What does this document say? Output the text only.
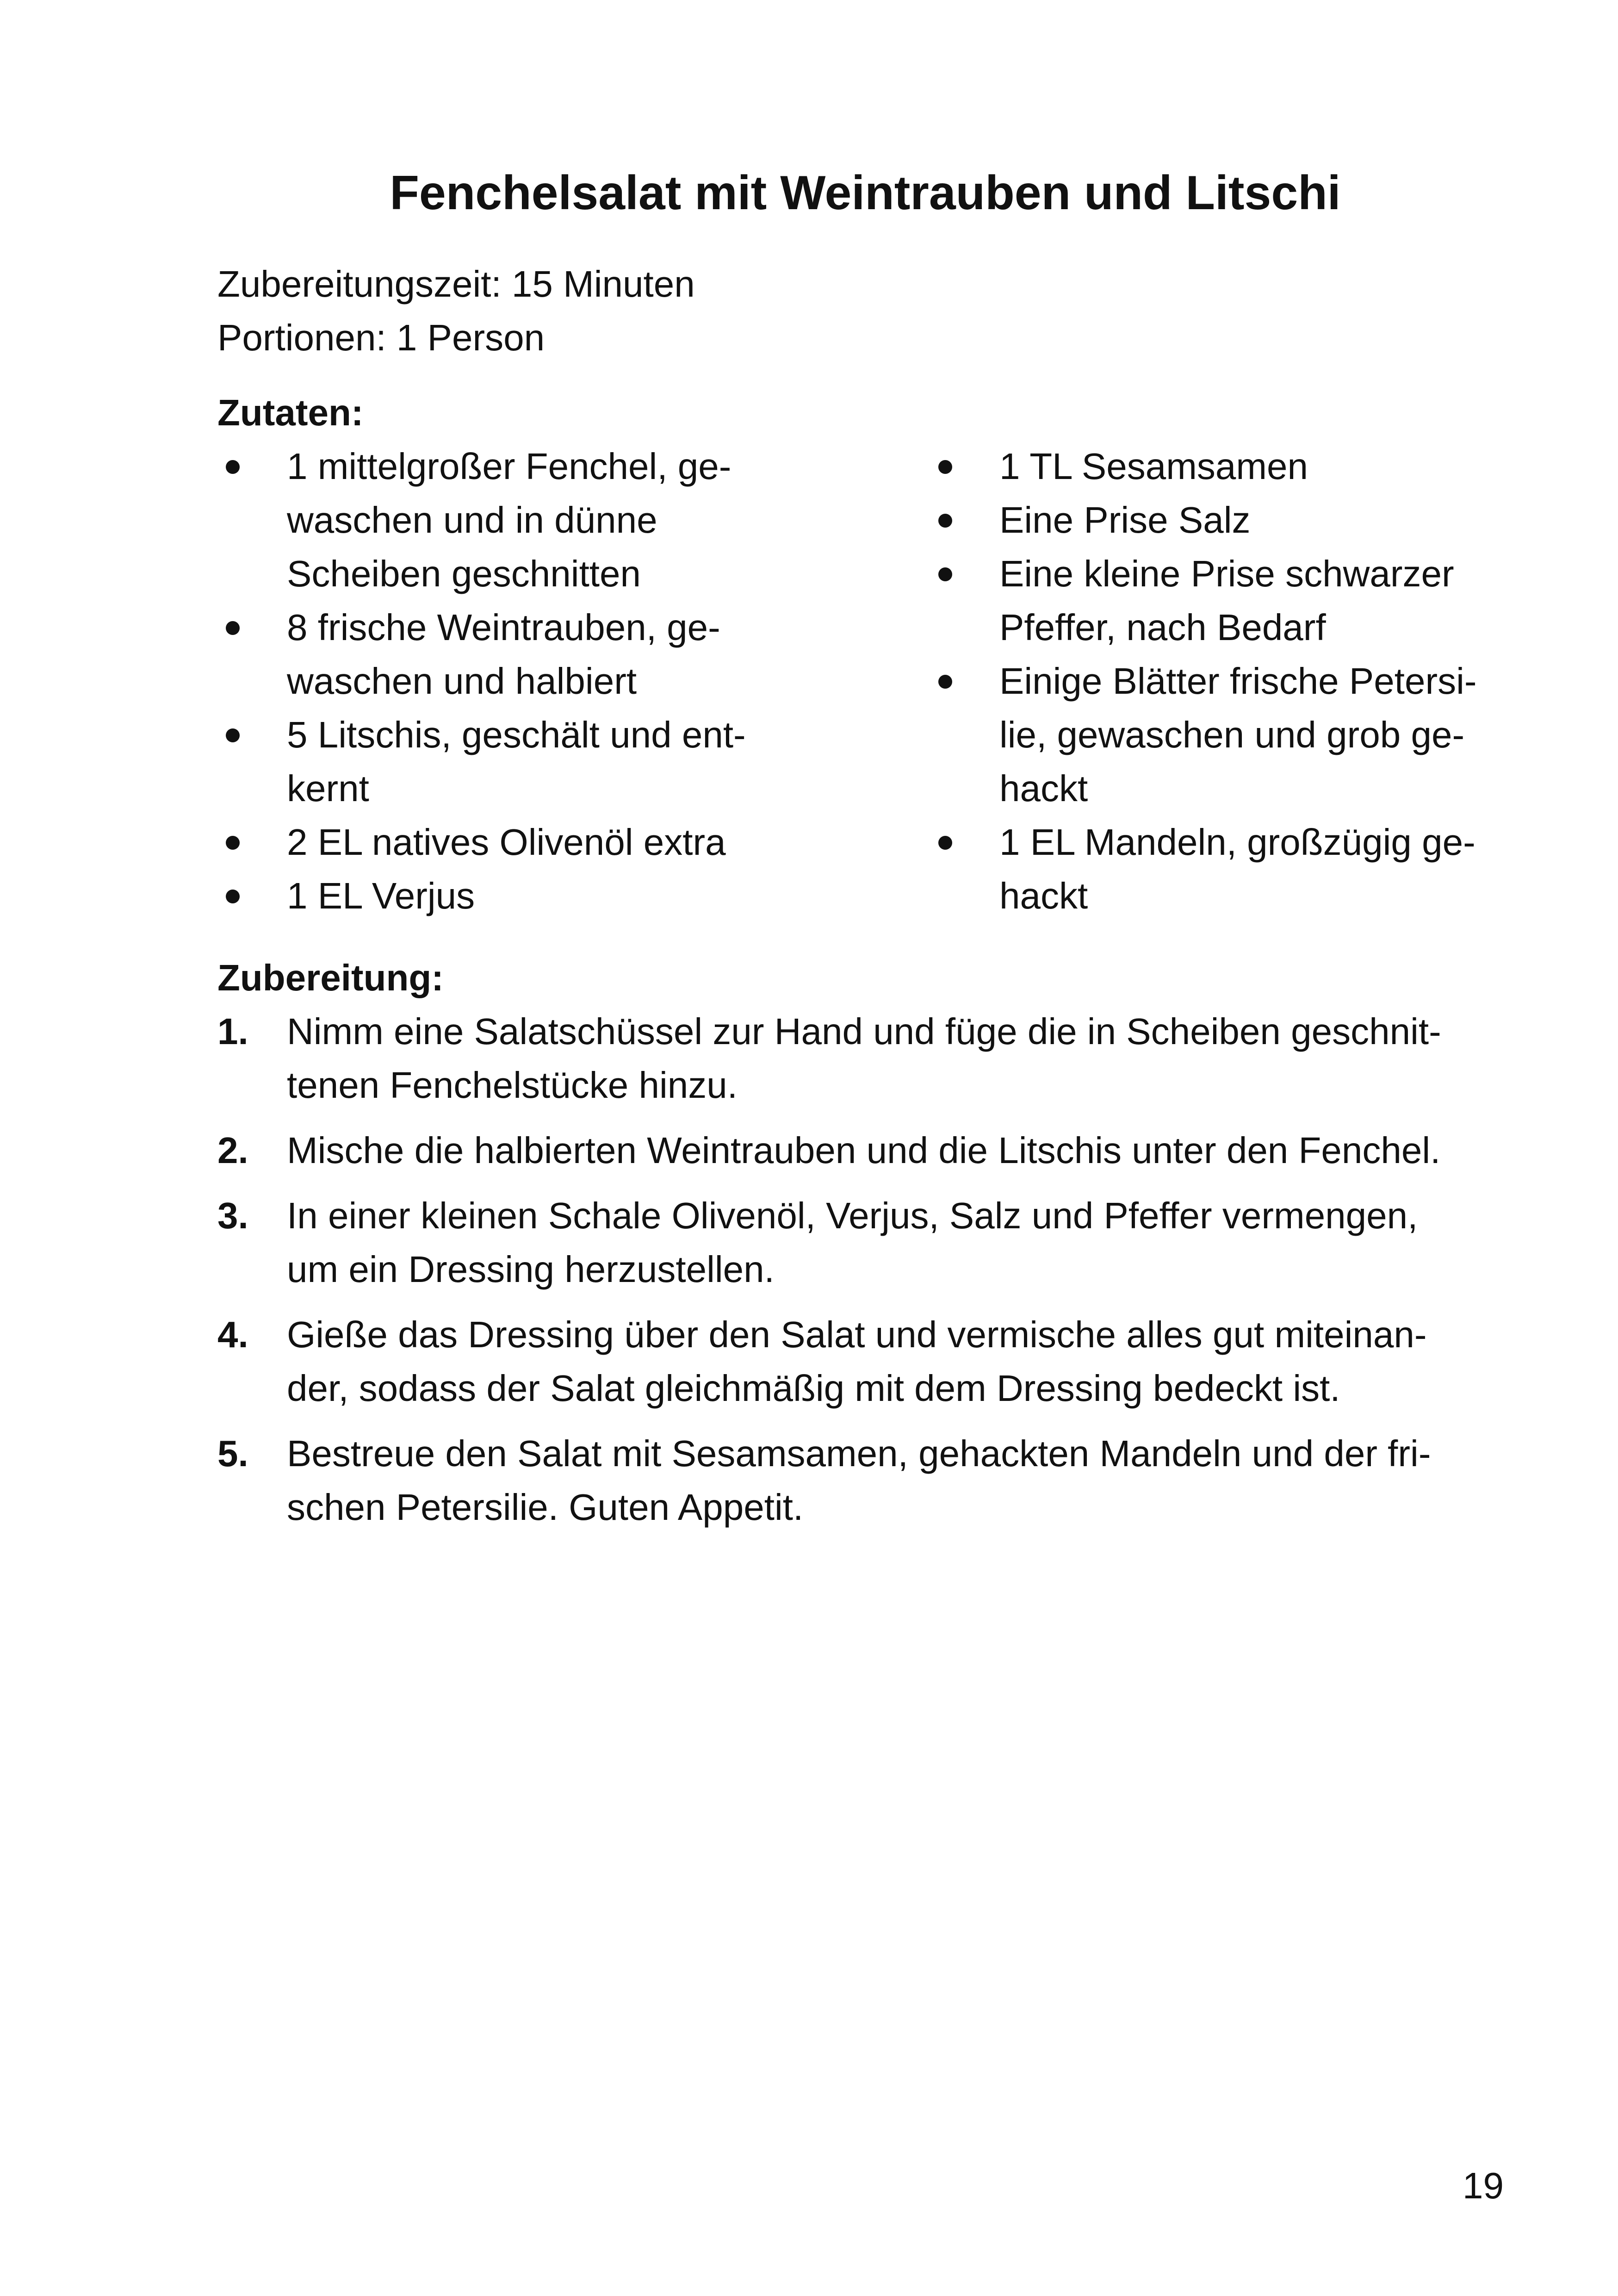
Fenchelsalat mit Weintrauben und Litschi
Zubereitungszeit: 15 Minuten
Portionen: 1 Person
Zutaten:
1 mittelgroßer Fenchel, ge-
waschen und in dünne
Scheiben geschnitten
8 frische Weintrauben, ge-
waschen und halbiert
5 Litschis, geschält und ent-
kernt
2 EL natives Olivenöl extra
1 EL Verjus
1 TL Sesamsamen
Eine Prise Salz
Eine kleine Prise schwarzer
Pfeffer, nach Bedarf
Einige Blätter frische Petersi-
lie, gewaschen und grob ge-
hackt
1 EL Mandeln, großzügig ge-
hackt
Zubereitung:
1. Nimm eine Salatschüssel zur Hand und füge die in Scheiben geschnit-
tenen Fenchelstücke hinzu.
2. Mische die halbierten Weintrauben und die Litschis unter den Fenchel.
3. In einer kleinen Schale Olivenöl, Verjus, Salz und Pfeffer vermengen,
um ein Dressing herzustellen.
4. Gieße das Dressing über den Salat und vermische alles gut miteinan-
der, sodass der Salat gleichmäßig mit dem Dressing bedeckt ist.
5. Bestreue den Salat mit Sesamsamen, gehackten Mandeln und der fri-
schen Petersilie. Guten Appetit.
19
